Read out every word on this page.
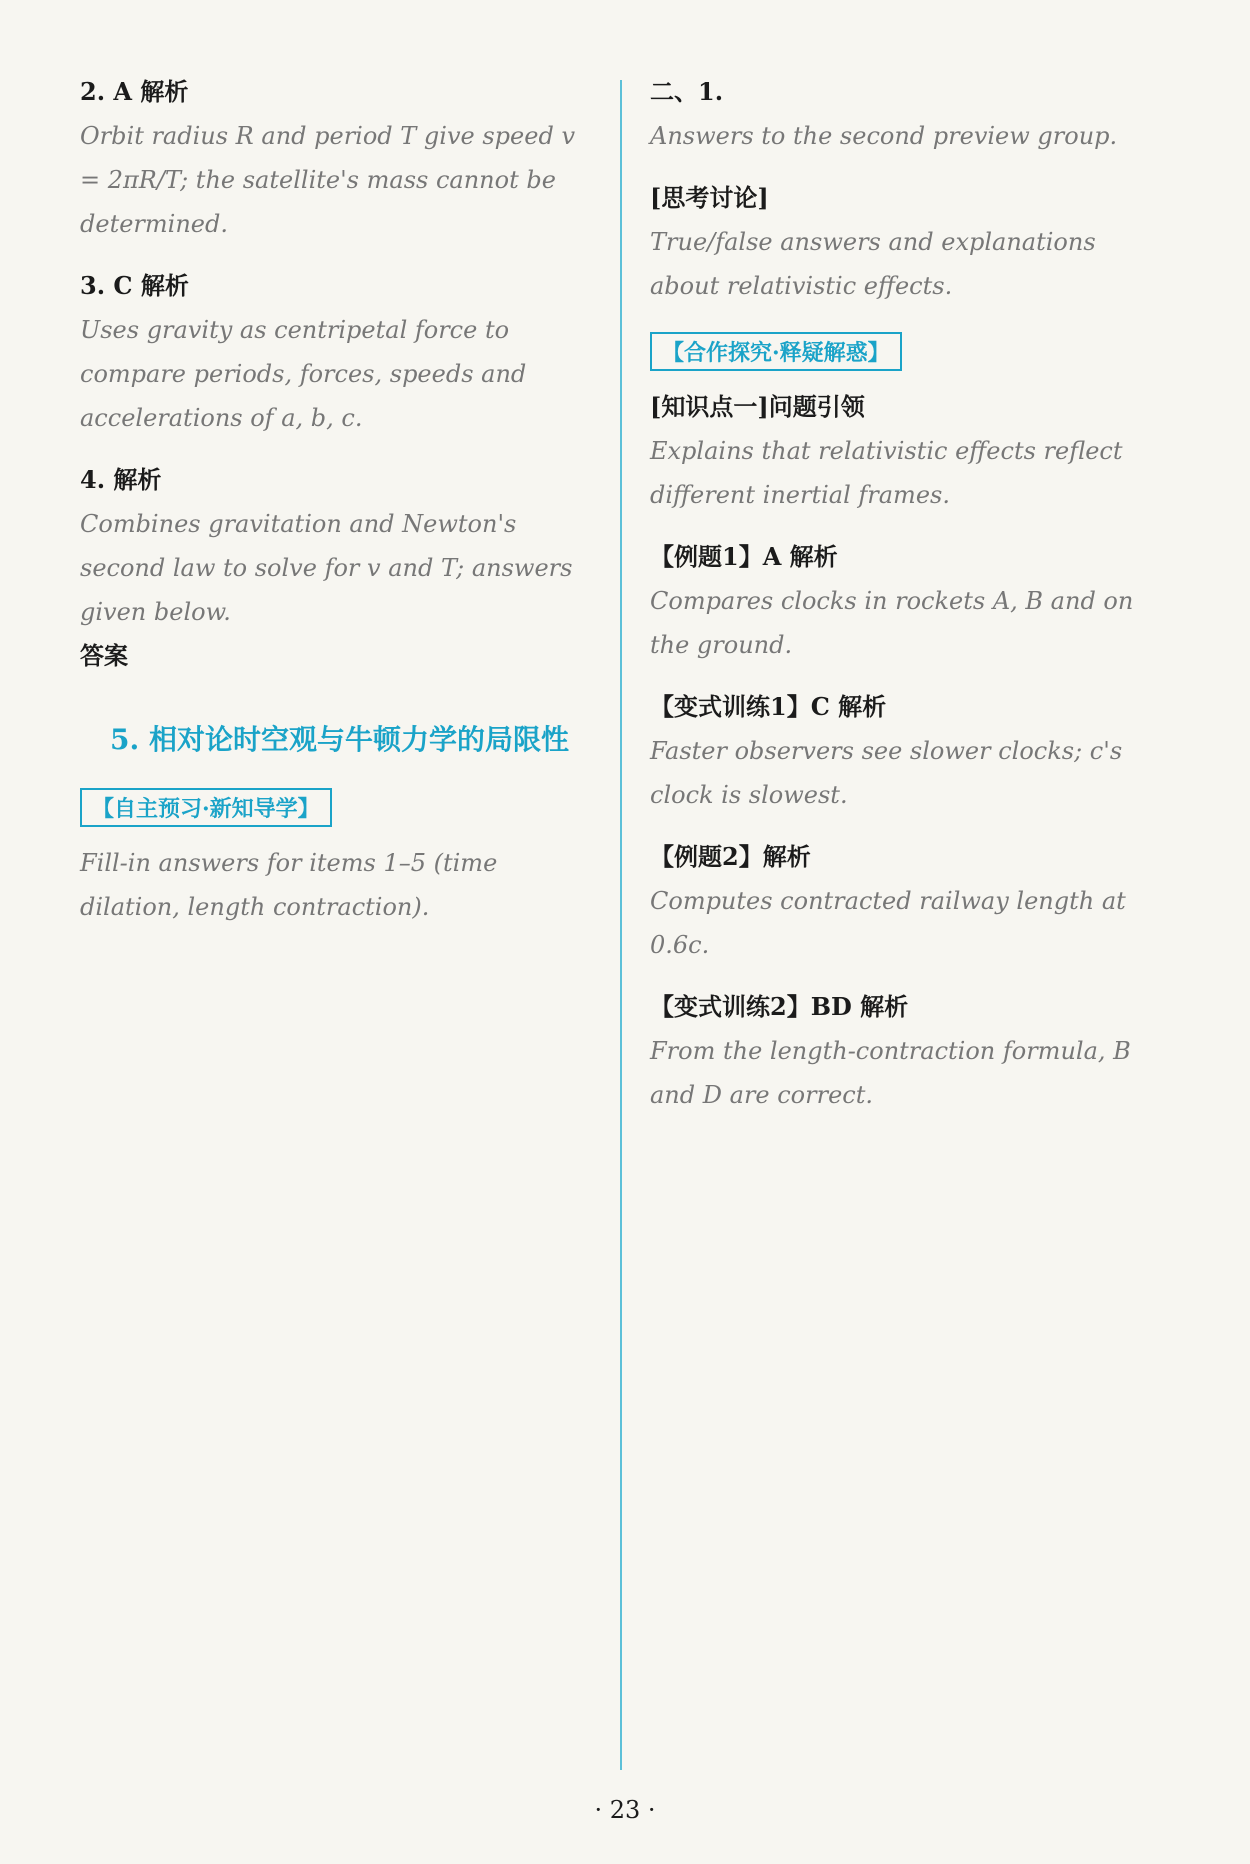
2. A 解析
Orbit radius R and period T give speed v = 2πR/T; the satellite's mass cannot be determined.
3. C 解析
Uses gravity as centripetal force to compare periods, forces, speeds and accelerations of a, b, c.
4. 解析
Combines gravitation and Newton's second law to solve for v and T; answers given below.
答案
5. 相对论时空观与牛顿力学的局限性
【自主预习·新知导学】
Fill-in answers for items 1–5 (time dilation, length contraction).
二、1.
Answers to the second preview group.
[思考讨论]
True/false answers and explanations about relativistic effects.
【合作探究·释疑解惑】
[知识点一]问题引领
Explains that relativistic effects reflect different inertial frames.
【例题1】A 解析
Compares clocks in rockets A, B and on the ground.
【变式训练1】C 解析
Faster observers see slower clocks; c's clock is slowest.
【例题2】解析
Computes contracted railway length at 0.6c.
【变式训练2】BD 解析
From the length-contraction formula, B and D are correct.
· 23 ·
